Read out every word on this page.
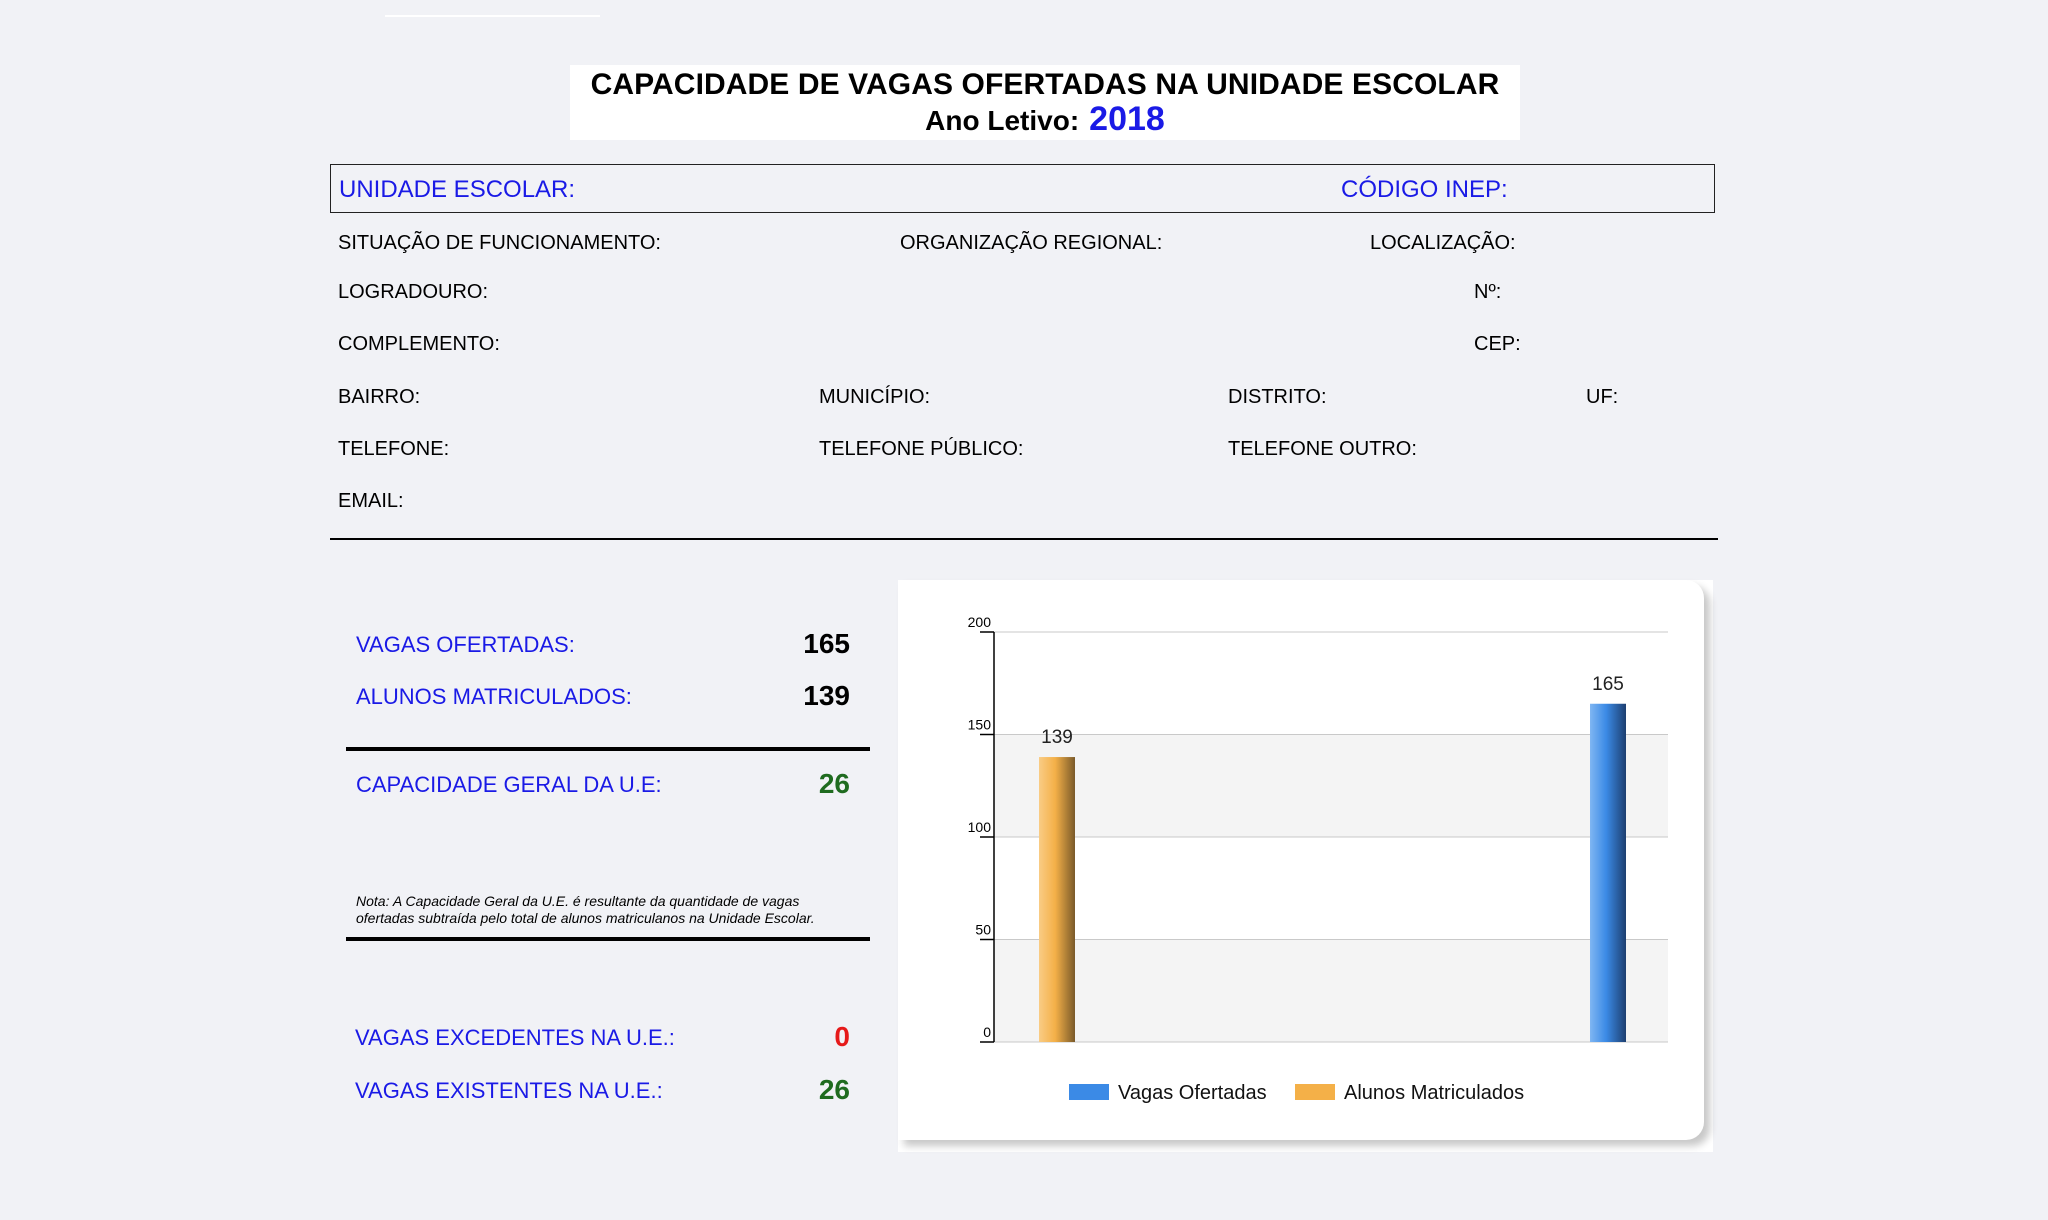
CAPACIDADE DE VAGAS OFERTADAS NA UNIDADE ESCOLAR
Ano Letivo: 2018
UNIDADE ESCOLAR:	CÓDIGO INEP:
SITUAÇÃO DE FUNCIONAMENTO:	ORGANIZAÇÃO REGIONAL:	LOCALIZAÇÃO:
LOGRADOURO:	Nº:
COMPLEMENTO:	CEP:
BAIRRO:	MUNICÍPIO:	DISTRITO:	UF:
TELEFONE:	TELEFONE PÚBLICO:	TELEFONE OUTRO:
EMAIL:
VAGAS OFERTADAS:	165
ALUNOS MATRICULADOS:	139
CAPACIDADE GERAL DA U.E:	26
Nota: A Capacidade Geral da U.E. é resultante da quantidade de vagas
ofertadas subtraída pelo total de alunos matriculanos na Unidade Escolar.
VAGAS EXCEDENTES NA U.E.:	0
VAGAS EXISTENTES NA U.E.:	26
0
50
100
150
200
139
165
Vagas Ofertadas	Alunos Matriculados
